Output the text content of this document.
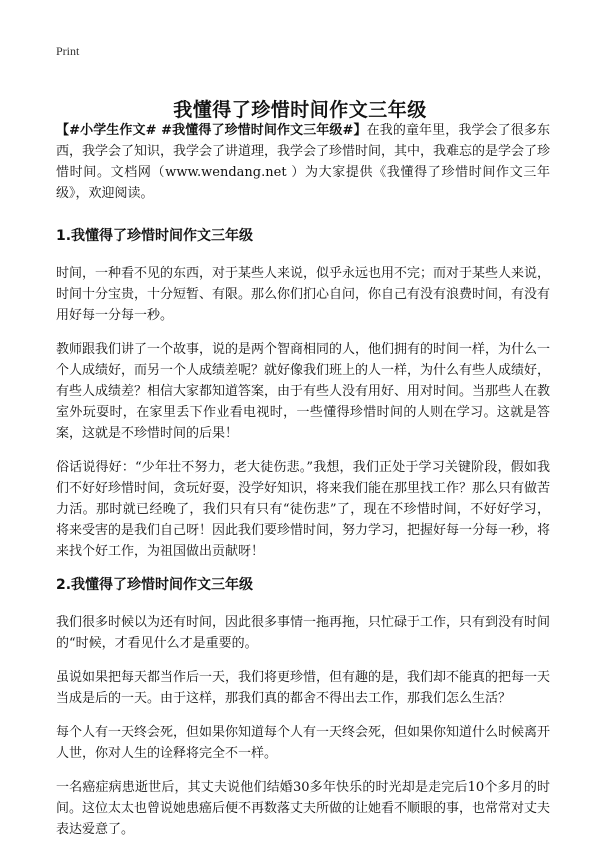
Print
我懂得了珍惜时间作文三年级

【#小学生作文# #我懂得了珍惜时间作文三年级#】在我的童年里，我学会了很多东西，我学会了知识，我学会了讲道理，我学会了珍惜时间，其中，我难忘的是学会了珍惜时间。文档网（www.wendang.net ）为大家提供《我懂得了珍惜时间作文三年级》，欢迎阅读。

1.我懂得了珍惜时间作文三年级

时间，一种看不见的东西，对于某些人来说，似乎永远也用不完；而对于某些人来说，时间十分宝贵，十分短暂、有限。那么你们扪心自问，你自己有没有浪费时间，有没有用好每一分每一秒。

教师跟我们讲了一个故事，说的是两个智商相同的人，他们拥有的时间一样，为什么一个人成绩好，而另一个人成绩差呢？就好像我们班上的人一样，为什么有些人成绩好，有些人成绩差？相信大家都知道答案，由于有些人没有用好、用对时间。当那些人在教室外玩耍时，在家里丢下作业看电视时，一些懂得珍惜时间的人则在学习。这就是答案，这就是不珍惜时间的后果！

俗话说得好：“少年壮不努力，老大徒伤悲。”我想，我们正处于学习关键阶段，假如我们不好好珍惜时间，贪玩好耍，没学好知识，将来我们能在那里找工作？那么只有做苦力活。那时就已经晚了，我们只有只有“徒伤悲”了，现在不珍惜时间，不好好学习，将来受害的是我们自己呀！因此我们要珍惜时间，努力学习，把握好每一分每一秒，将来找个好工作，为祖国做出贡献呀！

2.我懂得了珍惜时间作文三年级

我们很多时候以为还有时间，因此很多事情一拖再拖，只忙碌于工作，只有到没有时间的“时候，才看见什么才是重要的。

虽说如果把每天都当作后一天，我们将更珍惜，但有趣的是，我们却不能真的把每一天当成是后的一天。由于这样，那我们真的都舍不得出去工作，那我们怎么生活？

每个人有一天终会死，但如果你知道每个人有一天终会死，但如果你知道什么时候离开人世，你对人生的诠释将完全不一样。

一名癌症病患逝世后，其丈夫说他们结婚30多年快乐的时光却是走完后10个多月的时间。这位太太也曾说她患癌后便不再数落丈夫所做的让她看不顺眼的事，也常常对丈夫表达爱意了。
